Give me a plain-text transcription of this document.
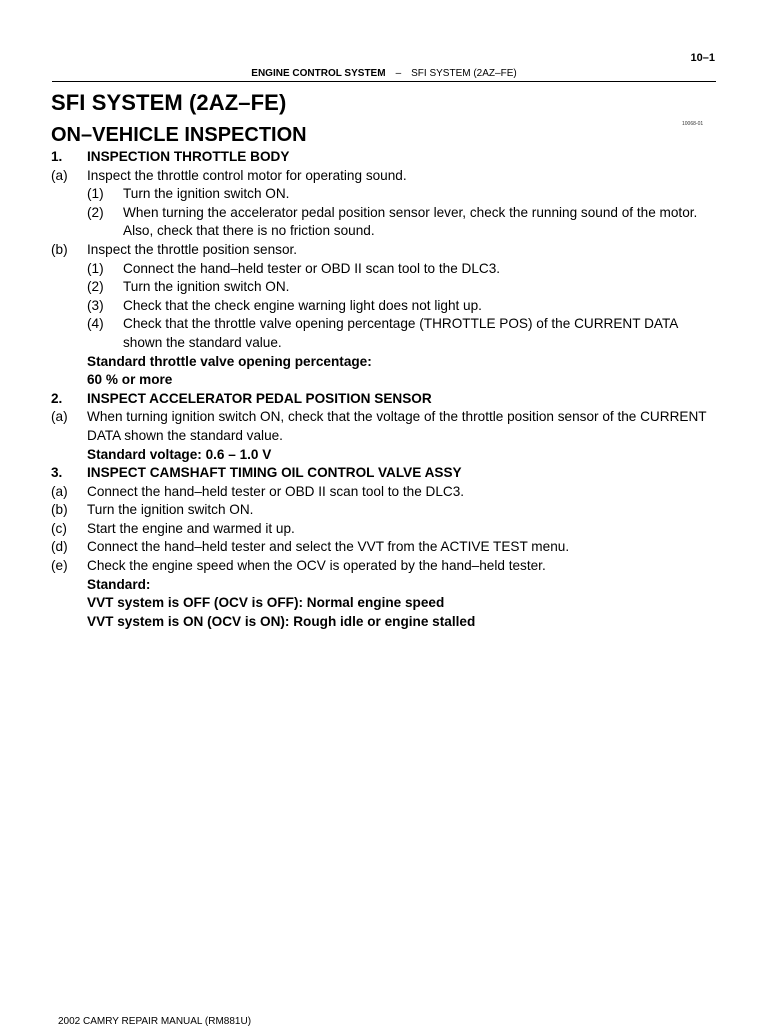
10–1
ENGINE CONTROL SYSTEM – SFI SYSTEM (2AZ–FE)
SFI SYSTEM (2AZ–FE)
ON–VEHICLE INSPECTION	10068-01
1.	INSPECTION THROTTLE BODY
(a)	Inspect the throttle control motor for operating sound.
(1)	Turn the ignition switch ON.
(2)	When turning the accelerator pedal position sensor lever, check the running sound of the motor. Also, check that there is no friction sound.
(b)	Inspect the throttle position sensor.
(1)	Connect the hand–held tester or OBD II scan tool to the DLC3.
(2)	Turn the ignition switch ON.
(3)	Check that the check engine warning light does not light up.
(4)	Check that the throttle valve opening percentage (THROTTLE POS) of the CURRENT DATA shown the standard value.
Standard throttle valve opening percentage:
60 % or more
2.	INSPECT ACCELERATOR PEDAL POSITION SENSOR
(a)	When turning ignition switch ON, check that the voltage of the throttle position sensor of the CURRENT DATA shown the standard value.
Standard voltage: 0.6 – 1.0 V
3.	INSPECT CAMSHAFT TIMING OIL CONTROL VALVE ASSY
(a)	Connect the hand–held tester or OBD II scan tool to the DLC3.
(b)	Turn the ignition switch ON.
(c)	Start the engine and warmed it up.
(d)	Connect the hand–held tester and select the VVT from the ACTIVE TEST menu.
(e)	Check the engine speed when the OCV is operated by the hand–held tester.
Standard:
VVT system is OFF (OCV is OFF): Normal engine speed
VVT system is ON (OCV is ON): Rough idle or engine stalled
2002 CAMRY REPAIR MANUAL (RM881U)
